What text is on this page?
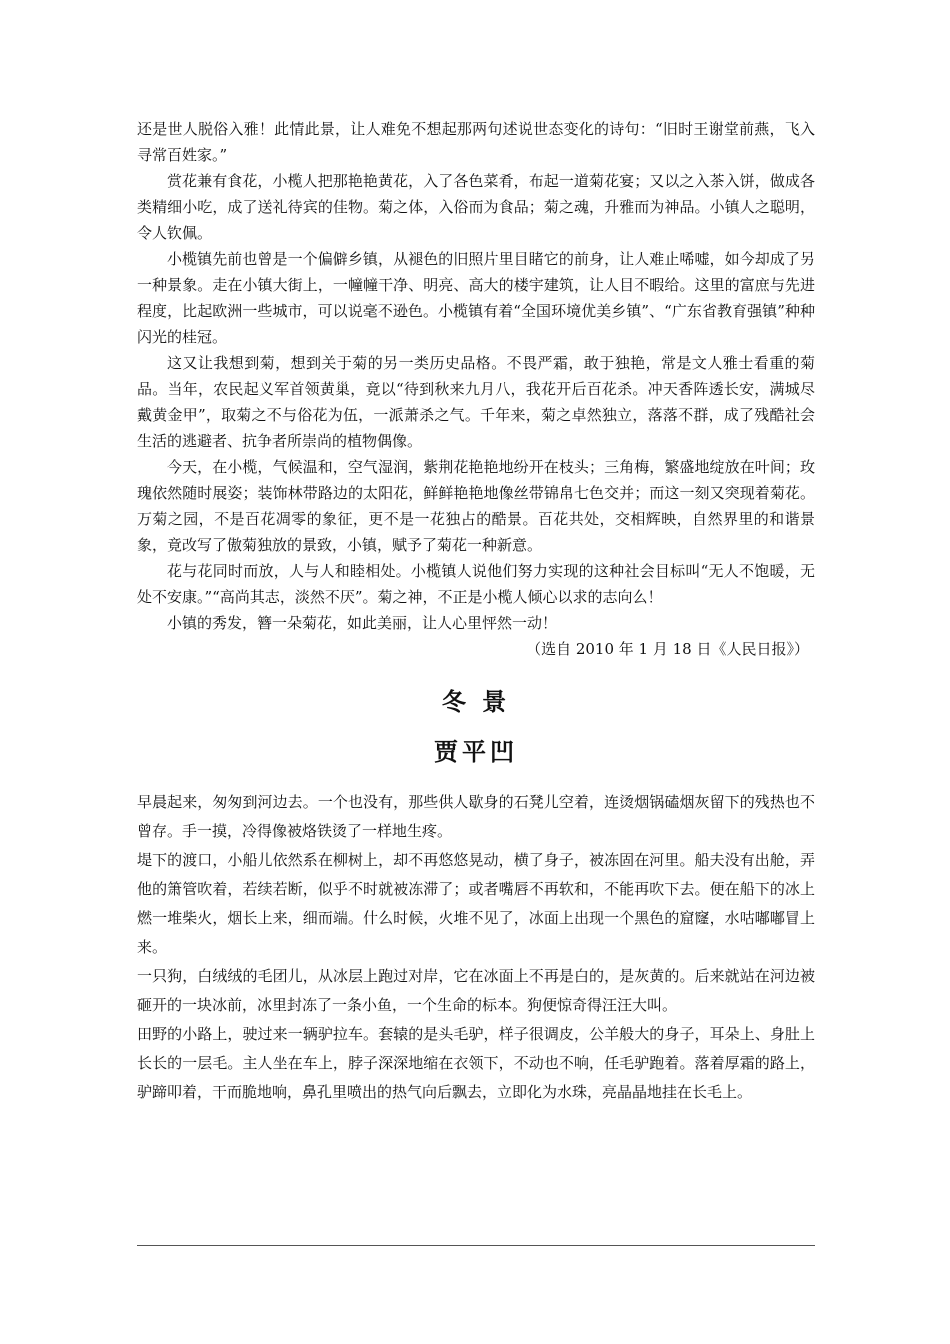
还是世人脱俗入雅！此情此景，让人难免不想起那两句述说世态变化的诗句：“旧时王谢堂前燕，飞入寻常百姓家。”

赏花兼有食花，小榄人把那艳艳黄花，入了各色菜肴，布起一道菊花宴；又以之入茶入饼，做成各类精细小吃，成了送礼待宾的佳物。菊之体，入俗而为食品；菊之魂，升雅而为神品。小镇人之聪明，令人钦佩。

小榄镇先前也曾是一个偏僻乡镇，从褪色的旧照片里目睹它的前身，让人难止唏嘘，如今却成了另一种景象。走在小镇大街上，一幢幢干净、明亮、高大的楼宇建筑，让人目不暇给。这里的富庶与先进程度，比起欧洲一些城市，可以说毫不逊色。小榄镇有着“全国环境优美乡镇”、“广东省教育强镇”种种闪光的桂冠。

这又让我想到菊，想到关于菊的另一类历史品格。不畏严霜，敢于独艳，常是文人雅士看重的菊品。当年，农民起义军首领黄巢，竟以“待到秋来九月八，我花开后百花杀。冲天香阵透长安，满城尽戴黄金甲”，取菊之不与俗花为伍，一派萧杀之气。千年来，菊之卓然独立，落落不群，成了残酷社会生活的逃避者、抗争者所崇尚的植物偶像。

今天，在小榄，气候温和，空气湿润，紫荆花艳艳地纷开在枝头；三角梅，繁盛地绽放在叶间；玫瑰依然随时展姿；装饰林带路边的太阳花，鲜鲜艳艳地像丝带锦帛七色交并；而这一刻又突现着菊花。万菊之园，不是百花凋零的象征，更不是一花独占的酷景。百花共处，交相辉映，自然界里的和谐景象，竟改写了傲菊独放的景致，小镇，赋予了菊花一种新意。

花与花同时而放，人与人和睦相处。小榄镇人说他们努力实现的这种社会目标叫“无人不饱暖，无处不安康。”“高尚其志，淡然不厌”。菊之神，不正是小榄人倾心以求的志向么！

小镇的秀发，簪一朵菊花，如此美丽，让人心里怦然一动！

（选自 2010 年 1 月 18 日《人民日报》）

冬 景
贾平凹

早晨起来，匆匆到河边去。一个也没有，那些供人歇身的石凳儿空着，连烫烟锅磕烟灰留下的残热也不曾存。手一摸，冷得像被烙铁烫了一样地生疼。

堤下的渡口，小船儿依然系在柳树上，却不再悠悠晃动，横了身子，被冻固在河里。船夫没有出舱，弄他的箫管吹着，若续若断，似乎不时就被冻滞了；或者嘴唇不再软和，不能再吹下去。便在船下的冰上燃一堆柴火，烟长上来，细而端。什么时候，火堆不见了，冰面上出现一个黑色的窟窿，水咕嘟嘟冒上来。

一只狗，白绒绒的毛团儿，从冰层上跑过对岸，它在冰面上不再是白的，是灰黄的。后来就站在河边被砸开的一块冰前，冰里封冻了一条小鱼，一个生命的标本。狗便惊奇得汪汪大叫。

田野的小路上，驶过来一辆驴拉车。套辕的是头毛驴，样子很调皮，公羊般大的身子，耳朵上、身肚上长长的一层毛。主人坐在车上，脖子深深地缩在衣领下，不动也不响，任毛驴跑着。落着厚霜的路上，驴蹄叩着，干而脆地响，鼻孔里喷出的热气向后飘去，立即化为水珠，亮晶晶地挂在长毛上。
